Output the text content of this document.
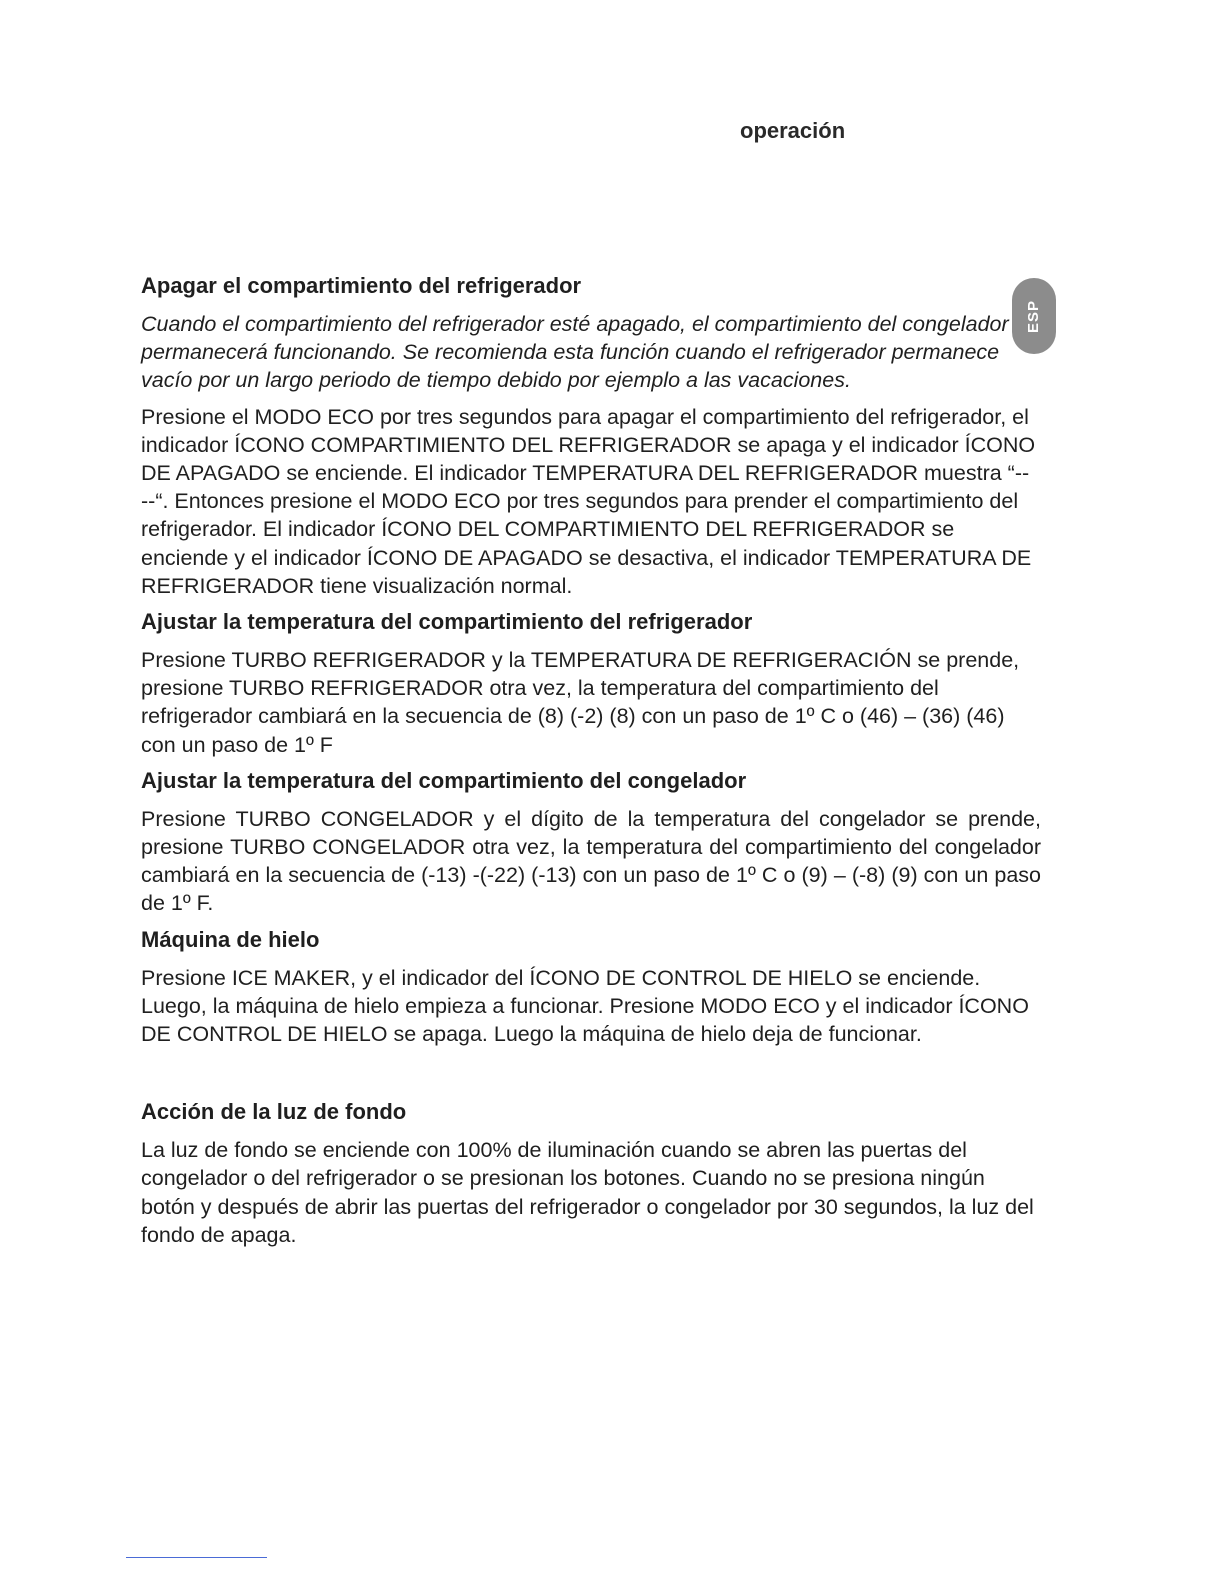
operación
ESP
Apagar el compartimiento del refrigerador

Cuando el compartimiento del refrigerador esté apagado, el compartimiento del congelador permanecerá funcionando. Se recomienda esta función cuando el refrigerador permanece vacío por un largo periodo de tiempo debido por ejemplo a las vacaciones.

Presione el MODO ECO por tres segundos para apagar el compartimiento del refrigerador, el indicador ÍCONO COMPARTIMIENTO DEL REFRIGERADOR se apaga y el indicador ÍCONO DE APAGADO se enciende. El indicador TEMPERATURA DEL REFRIGERADOR muestra “-- --“. Entonces presione el MODO ECO por tres segundos para prender el compartimiento del refrigerador. El indicador ÍCONO DEL COMPARTIMIENTO DEL REFRIGERADOR se enciende y el indicador ÍCONO DE APAGADO se desactiva, el indicador TEMPERATURA DE REFRIGERADOR tiene visualización normal.

Ajustar la temperatura del compartimiento del refrigerador

Presione TURBO REFRIGERADOR y la TEMPERATURA DE REFRIGERACIÓN se prende, presione TURBO REFRIGERADOR otra vez, la temperatura del compartimiento del refrigerador cambiará en la secuencia de (8) (-2) (8) con un paso de 1º C o (46) – (36) (46) con un paso de 1º F

Ajustar la temperatura del compartimiento del congelador

Presione TURBO CONGELADOR y el dígito de la temperatura del congelador se prende, presione TURBO CONGELADOR otra vez, la temperatura del compartimiento del congelador cambiará en la secuencia de (-13) -(-22) (-13) con un paso de 1º C o (9) – (-8) (9) con un paso de 1º F.

Máquina de hielo

Presione ICE MAKER, y el indicador del ÍCONO DE CONTROL DE HIELO se enciende. Luego, la máquina de hielo empieza a funcionar. Presione MODO ECO y el indicador ÍCONO DE CONTROL DE HIELO se apaga. Luego la máquina de hielo deja de funcionar.

Acción de la luz de fondo

La luz de fondo se enciende con 100% de iluminación cuando se abren las puertas del congelador o del refrigerador o se presionan los botones. Cuando no se presiona ningún botón y después de abrir las puertas del refrigerador o congelador por 30 segundos, la luz del fondo de apaga.
